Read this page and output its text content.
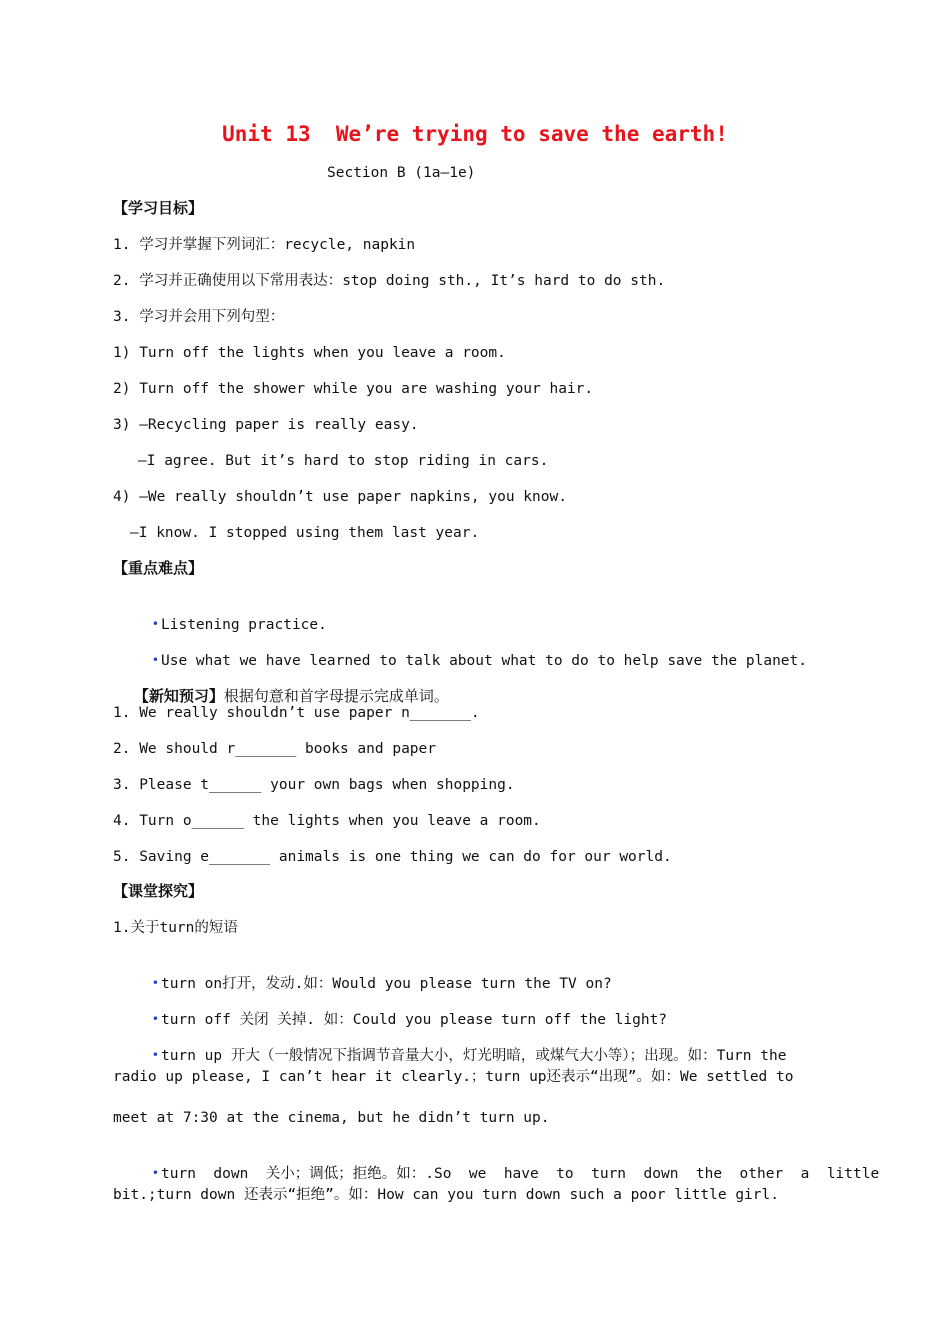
Unit 13  We’re trying to save the earth!
Section B (1a—1e)
【学习目标】
1. 学习并掌握下列词汇：recycle, napkin
2. 学习并正确使用以下常用表达：stop doing sth., It’s hard to do sth.
3. 学习并会用下列句型：
1) Turn off the lights when you leave a room.
2) Turn off the shower while you are washing your hair.
3) —Recycling paper is really easy.
—I agree. But it’s hard to stop riding in cars.
4) —We really shouldn’t use paper napkins, you know.
—I know. I stopped using them last year.
【重点难点】

• Listening practice.

• Use what we have learned to talk about what to do to help save the planet.

【新知预习】根据句意和首字母提示完成单词。

1. We really shouldn’t use paper n_______.
2. We should r_______ books and paper
3. Please t______ your own bags when shopping.
4. Turn o______ the lights when you leave a room.
5. Saving e_______ animals is one thing we can do for our world.
【课堂探究】
1.关于turn的短语

• turn on打开，发动.如：Would you please turn the TV on?

• turn off 关闭 关掉. 如：Could you please turn off the light?

• turn up 开大（一般情况下指调节音量大小，灯光明暗，或煤气大小等）；出现。如：Turn the

radio up please, I can’t hear it clearly.；turn up还表示“出现”。如：We settled to
meet at 7:30 at the cinema, but he didn’t turn up.

• turn  down  关小；调低；拒绝。如：.So  we  have  to  turn  down  the  other  a  little

bit.;turn down 还表示“拒绝”。如：How can you turn down such a poor little girl.
